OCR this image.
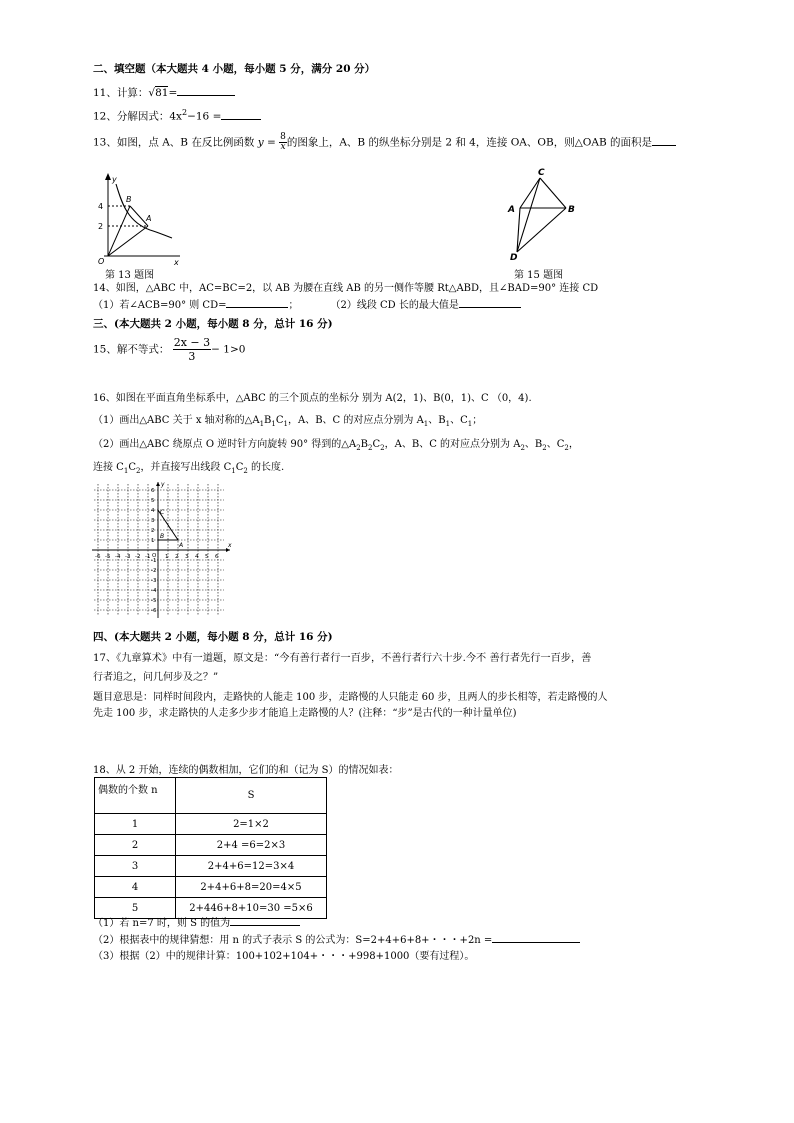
二、填空题（本大题共 4 小题，每小题 5 分，满分 20 分）
11、计算：√81=
12、分解因式：$4x^2-16$ =
13、如图，点 A、B 在反比例函数 $y = \frac{8}{x}$ 的图象上，A、B 的纵坐标分别是 2 和 4，连接 OA、OB，则△OAB 的面积是
y
x
O
4
2
B
A
第 13 题图
C
A	B
D
第 15 题图
14、如图，△ABC 中，AC=BC=2，以 AB 为腰在直线 AB 的另一侧作等腰 Rt△ABD，且∠BAD=90° 连接 CD
（1）若∠ACB=90° 则 CD=	；	（2）线段 CD 长的最大值是
三、(本大题共 2 小题，每小题 8 分，总计 16 分)
15、解不等式： $\frac{2x - 3}{3} - 1>0$
16、如图在平面直角坐标系中，△ABC 的三个顶点的坐标分 别为 A(2，1)、B(0，1)、C （0，4).
（1）画出△ABC 关于 x 轴对称的$\triangle A_1B_1C_1$，A、B、C 的对应点分别为 $A_1$、$B_1$、$C_1$；
（2）画出△ABC 绕原点 O 逆时针方向旋转 90° 得到的$\triangle A_2B_2C_2$，A、B、C 的对应点分别为 $A_2$、$B_2$、$C_2$，
连接 $C_1C_2$，并直接写出线段 $C_1C_2$ 的长度.
-6 -5 -4 -3 -2 -1	1 2 3 4 5 6
6
5
4
3
2
1
-1
-2
-3
-4
-5
-6
x
y
O
A
B
C
四、(本大题共 2 小题，每小题 8 分，总计 16 分)
17、《九章算术》中有一道题，原文是：“今有善行者行一百步，不善行者行六十步.今不 善行者先行一百步，善
行者追之，问几何步及之？”
题目意思是：同样时间段内，走路快的人能走 100 步，走路慢的人只能走 60 步，且两人的步长相等，若走路慢的人
先走 100 步，求走路快的人走多少步才能追上走路慢的人？(注释：“步”是古代的一种计量单位)
18、从 2 开始，连续的偶数相加，它们的和（记为 S）的情况如表：
偶数的个数 n	S
1	2=1×2
2	2+4 =6=2×3
3	2+4+6=12=3×4
4	2+4+6+8=20=4×5
5	2+446+8+10=30 =5×6
（1）若 n=7 时，则 S 的值为
（2）根据表中的规律猜想：用 n 的式子表示 S 的公式为：S=2+4+6+8+・・・+2n =
（3）根据（2）中的规律计算：100+102+104+・・・+998+1000（要有过程）。
